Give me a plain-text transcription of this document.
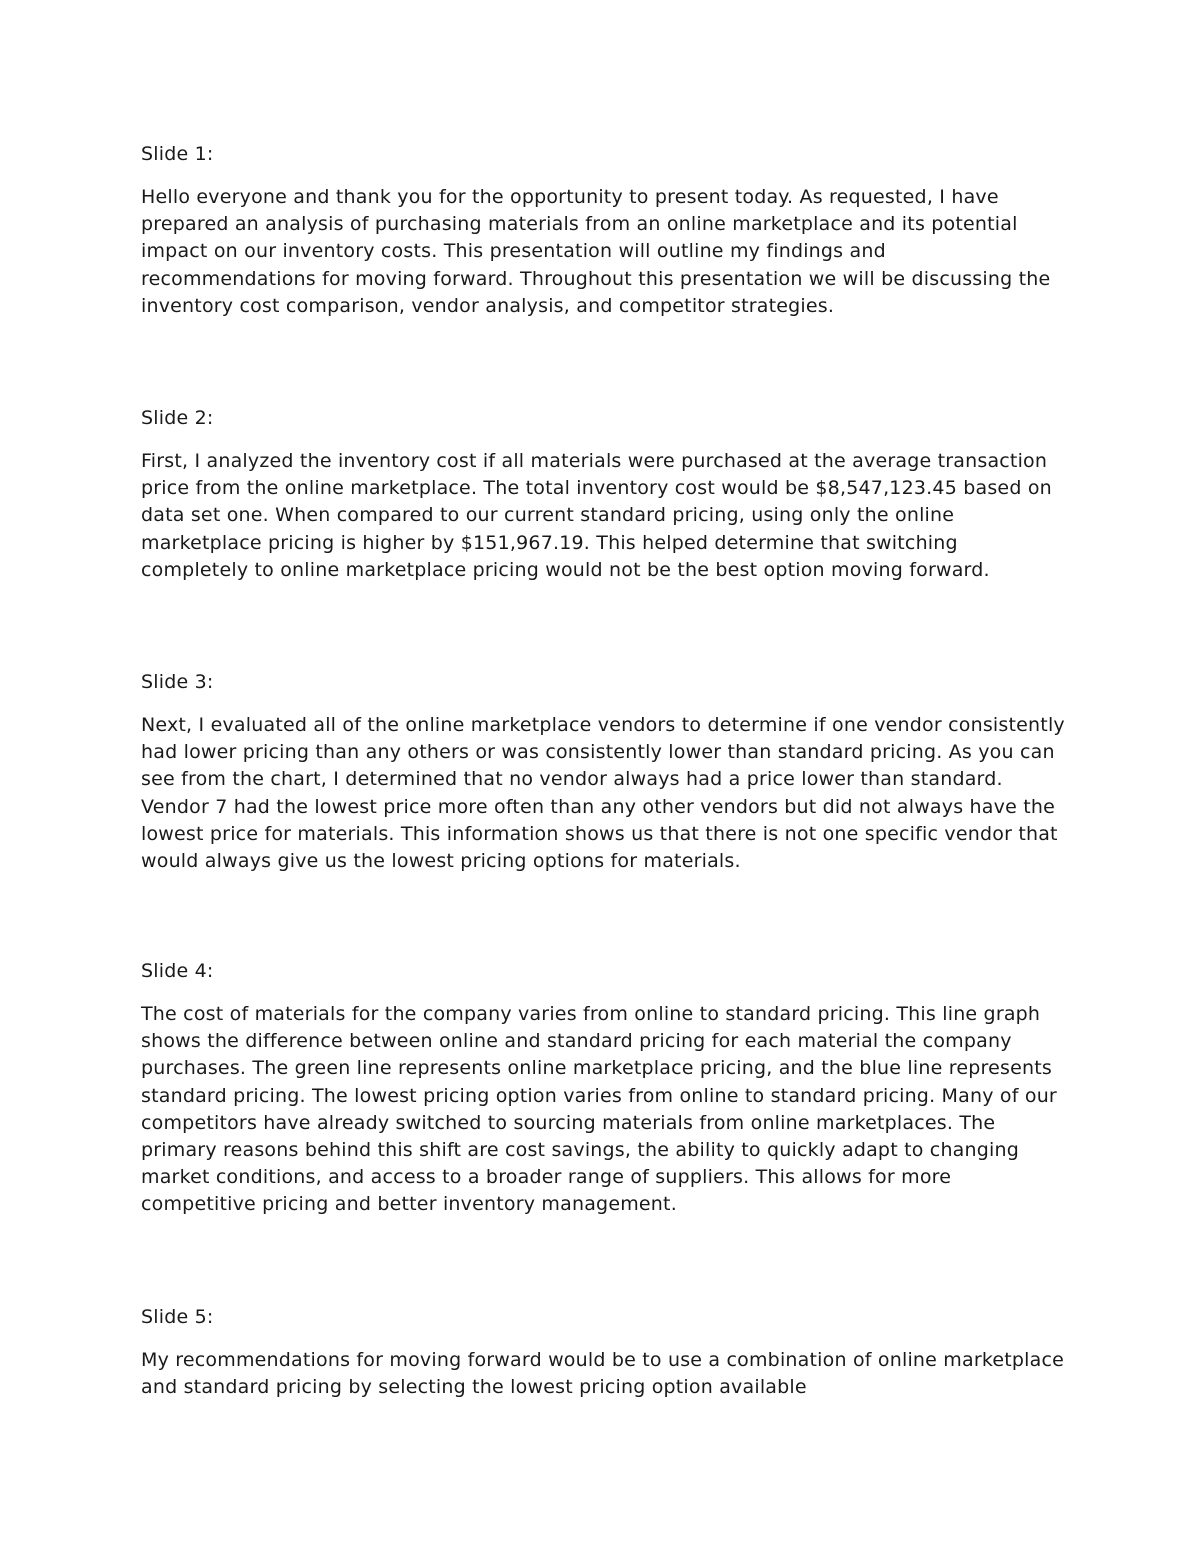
Slide 1:

Hello everyone and thank you for the opportunity to present today. As requested, I have prepared an analysis of purchasing materials from an online marketplace and its potential impact on our inventory costs. This presentation will outline my findings and recommendations for moving forward. Throughout this presentation we will be discussing the inventory cost comparison, vendor analysis, and competitor strategies.

Slide 2:

First, I analyzed the inventory cost if all materials were purchased at the average transaction price from the online marketplace. The total inventory cost would be $8,547,123.45 based on data set one. When compared to our current standard pricing, using only the online marketplace pricing is higher by $151,967.19. This helped determine that switching completely to online marketplace pricing would not be the best option moving forward.

Slide 3:

Next, I evaluated all of the online marketplace vendors to determine if one vendor consistently had lower pricing than any others or was consistently lower than standard pricing. As you can see from the chart, I determined that no vendor always had a price lower than standard. Vendor 7 had the lowest price more often than any other vendors but did not always have the lowest price for materials. This information shows us that there is not one specific vendor that would always give us the lowest pricing options for materials.

Slide 4:

The cost of materials for the company varies from online to standard pricing. This line graph shows the difference between online and standard pricing for each material the company purchases. The green line represents online marketplace pricing, and the blue line represents standard pricing. The lowest pricing option varies from online to standard pricing. Many of our competitors have already switched to sourcing materials from online marketplaces. The primary reasons behind this shift are cost savings, the ability to quickly adapt to changing market conditions, and access to a broader range of suppliers. This allows for more competitive pricing and better inventory management.

Slide 5:

My recommendations for moving forward would be to use a combination of online marketplace and standard pricing by selecting the lowest pricing option available
